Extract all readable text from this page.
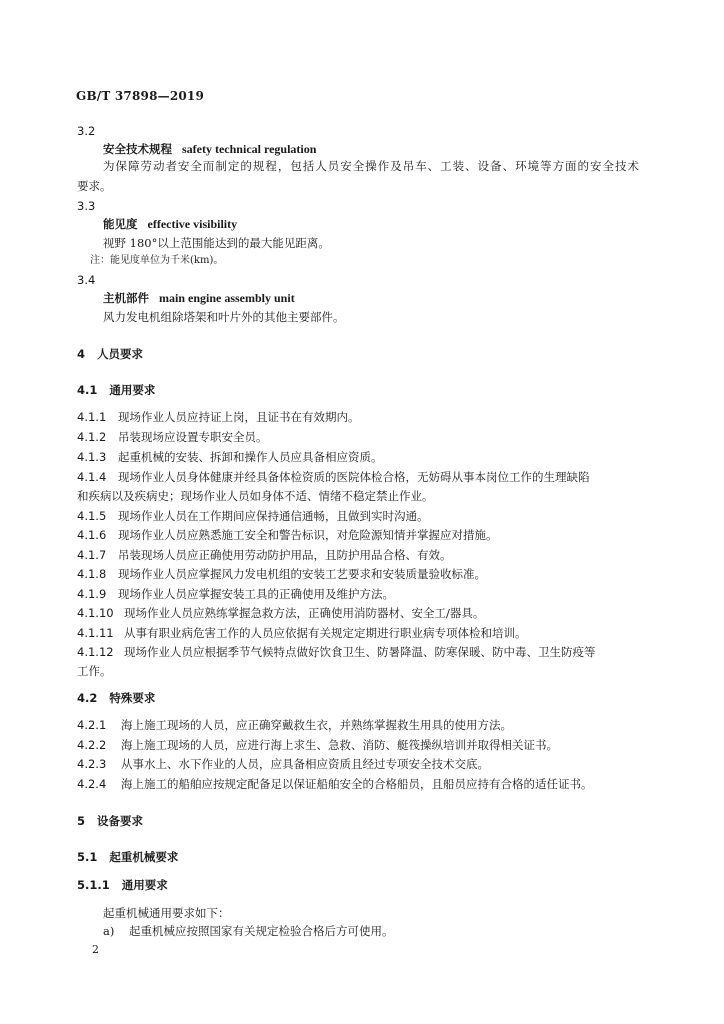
GB/T 37898—2019
3.2
安全技术规程 safety technical regulation
为保障劳动者安全而制定的规程，包括人员安全操作及吊车、工装、设备、环境等方面的安全技术
要求。
3.3
能见度 effective visibility
视野 180°以上范围能达到的最大能见距离。
注：能见度单位为千米(km)。
3.4
主机部件 main engine assembly unit
风力发电机组除塔架和叶片外的其他主要部件。
4 人员要求
4.1 通用要求
4.1.1 现场作业人员应持证上岗，且证书在有效期内。
4.1.2 吊装现场应设置专职安全员。
4.1.3 起重机械的安装、拆卸和操作人员应具备相应资质。
4.1.4 现场作业人员身体健康并经具备体检资质的医院体检合格，无妨碍从事本岗位工作的生理缺陷
和疾病以及疾病史；现场作业人员如身体不适、情绪不稳定禁止作业。
4.1.5 现场作业人员在工作期间应保持通信通畅，且做到实时沟通。
4.1.6 现场作业人员应熟悉施工安全和警告标识，对危险源知情并掌握应对措施。
4.1.7 吊装现场人员应正确使用劳动防护用品，且防护用品合格、有效。
4.1.8 现场作业人员应掌握风力发电机组的安装工艺要求和安装质量验收标准。
4.1.9 现场作业人员应掌握安装工具的正确使用及维护方法。
4.1.10 现场作业人员应熟练掌握急救方法，正确使用消防器材、安全工/器具。
4.1.11 从事有职业病危害工作的人员应依据有关规定定期进行职业病专项体检和培训。
4.1.12 现场作业人员应根据季节气候特点做好饮食卫生、防暑降温、防寒保暖、防中毒、卫生防疫等
工作。
4.2 特殊要求
4.2.1 海上施工现场的人员，应正确穿戴救生衣，并熟练掌握救生用具的使用方法。
4.2.2 海上施工现场的人员，应进行海上求生、急救、消防、艇筏操纵培训并取得相关证书。
4.2.3 从事水上、水下作业的人员，应具备相应资质且经过专项安全技术交底。
4.2.4 海上施工的船舶应按规定配备足以保证船舶安全的合格船员，且船员应持有合格的适任证书。
5 设备要求
5.1 起重机械要求
5.1.1 通用要求
起重机械通用要求如下：
a) 起重机械应按照国家有关规定检验合格后方可使用。
2
